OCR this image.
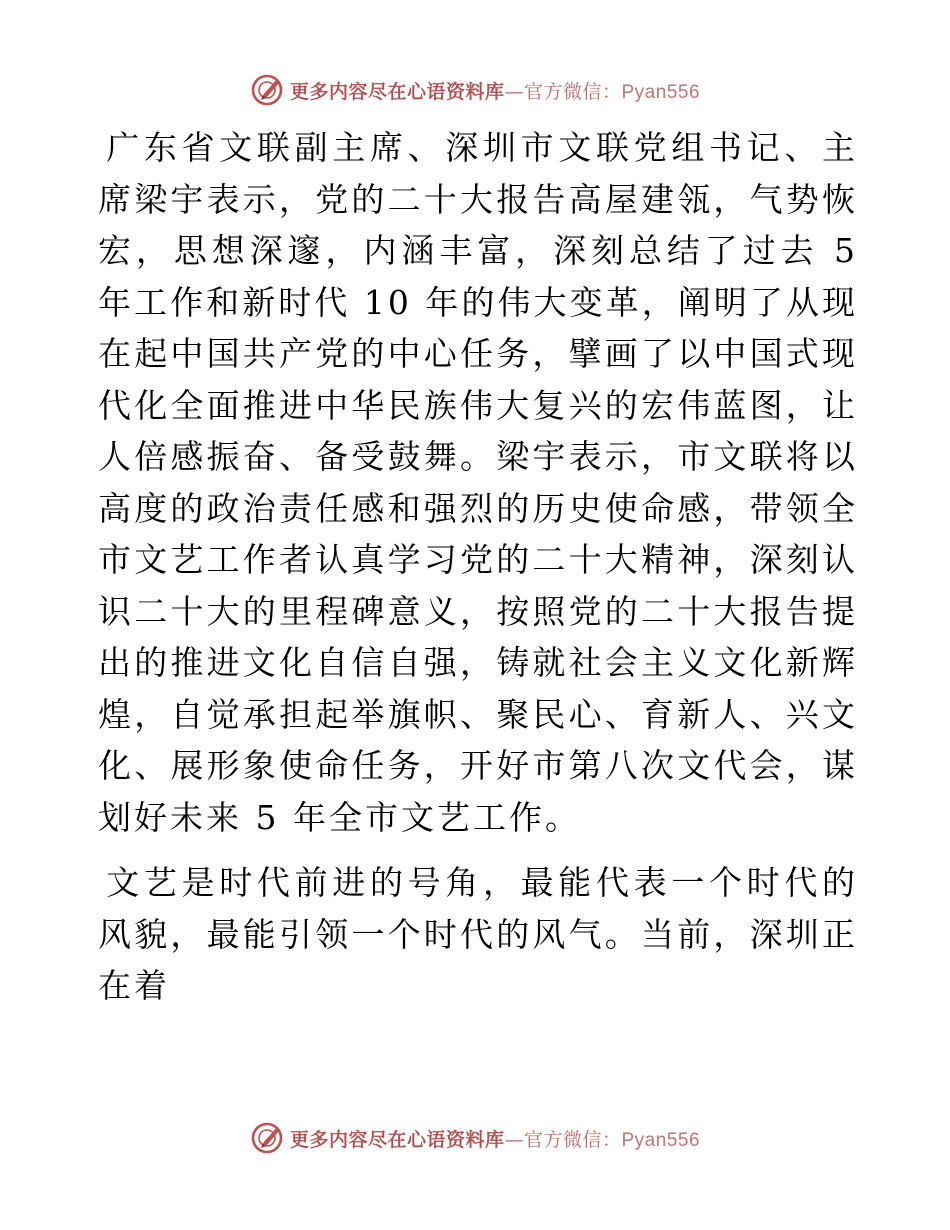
更多内容尽在心语资料库—官方微信：Pyan556

广东省文联副主席、深圳市文联党组书记、主席梁宇表示，党的二十大报告高屋建瓴，气势恢宏，思想深邃，内涵丰富，深刻总结了过去 5 年工作和新时代 10 年的伟大变革，阐明了从现在起中国共产党的中心任务，擘画了以中国式现代化全面推进中华民族伟大复兴的宏伟蓝图，让人倍感振奋、备受鼓舞。梁宇表示，市文联将以高度的政治责任感和强烈的历史使命感，带领全市文艺工作者认真学习党的二十大精神，深刻认识二十大的里程碑意义，按照党的二十大报告提出的推进文化自信自强，铸就社会主义文化新辉煌，自觉承担起举旗帜、聚民心、育新人、兴文化、展形象使命任务，开好市第八次文代会，谋划好未来 5 年全市文艺工作。

文艺是时代前进的号角，最能代表一个时代的风貌，最能引领一个时代的风气。当前，深圳正在着

更多内容尽在心语资料库—官方微信：Pyan556
